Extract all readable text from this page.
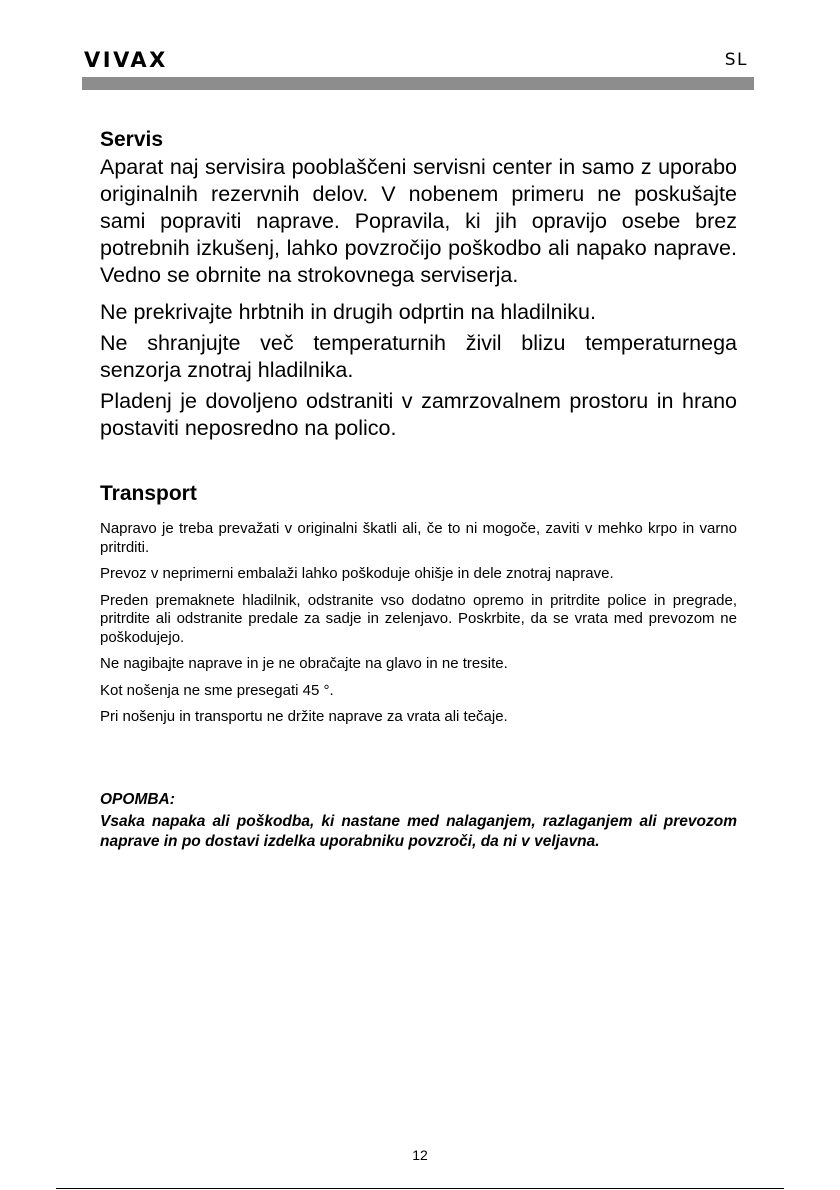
VIVAX	SL
Servis

Aparat naj servisira pooblaščeni servisni center in samo z uporabo originalnih rezervnih delov. V nobenem primeru ne poskušajte sami popraviti naprave. Popravila, ki jih opravijo osebe brez potrebnih izkušenj, lahko povzročijo poškodbo ali napako naprave. Vedno se obrnite na strokovnega serviserja.

Ne prekrivajte hrbtnih in drugih odprtin na hladilniku.

Ne shranjujte več temperaturnih živil blizu temperaturnega senzorja znotraj hladilnika.

Pladenj je dovoljeno odstraniti v zamrzovalnem prostoru in hrano postaviti neposredno na polico.

Transport

Napravo je treba prevažati v originalni škatli ali, če to ni mogoče, zaviti v mehko krpo in varno pritrditi.

Prevoz v neprimerni embalaži lahko poškoduje ohišje in dele znotraj naprave.

Preden premaknete hladilnik, odstranite vso dodatno opremo in pritrdite police in pregrade, pritrdite ali odstranite predale za sadje in zelenjavo. Poskrbite, da se vrata med prevozom ne poškodujejo.

Ne nagibajte naprave in je ne obračajte na glavo in ne tresite.

Kot nošenja ne sme presegati 45 °.

Pri nošenju in transportu ne držite naprave za vrata ali tečaje.

OPOMBA:

Vsaka napaka ali poškodba, ki nastane med nalaganjem, razlaganjem ali prevozom naprave in po dostavi izdelka uporabniku povzroči, da ni v veljavna.

12
